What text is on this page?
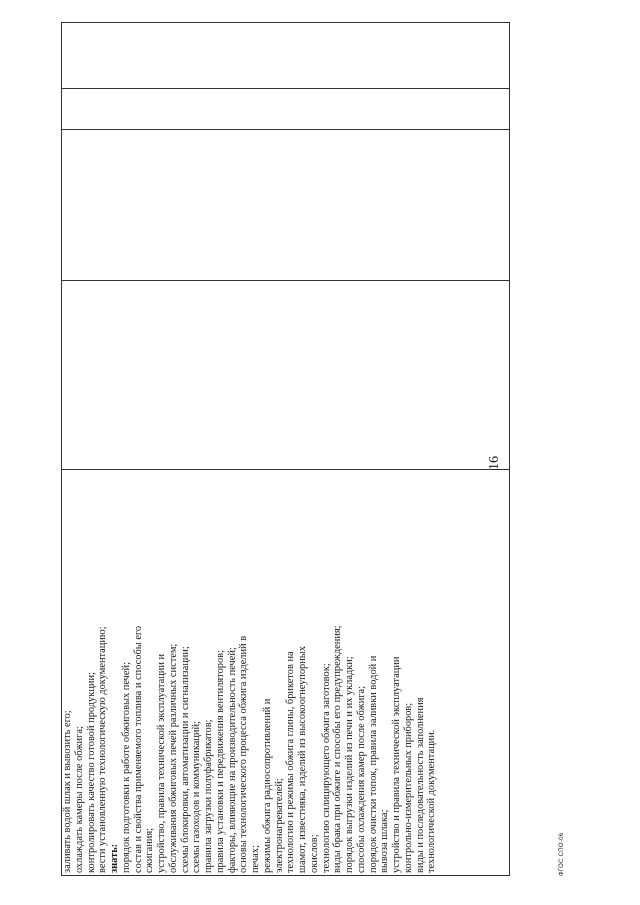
16
заливать водой шлак и вывозить его; охлаждать камеры после обжига; контролировать качество готовой продукции; вести установленную технологическую документацию; знать: порядок подготовки к работе обжиговых печей; состав и свойства применяемого топлива и способы его сжигания; устройство, правила технической эксплуатации и обслуживания обжиговых печей различных систем; схемы блокировки, автоматизации и сигнализации; схемы газоходов и коммуникаций; правила загрузки полуфабрикатов; правила установки и передвижения вентиляторов; факторы, влияющие на производительность печей; основы технологического процесса обжига изделий в печах; режимы обжига радиосопротивлений и электронагревателей; технологию и режимы обжига глины, брикетов на шамот, известняка, изделий из высокоогнеупорных окислов; технологию силицирующего обжига заготовок; виды брака при обжиге и способы его предупреждения; порядок выгрузки изделий из печи и их укладки; способы охлаждения камер после обжига; порядок очистки топок, правила заливки водой и вывоза шлака; устройство и правила технической эксплуатации контрольно-измерительных приборов; виды и последовательность заполнения технологической документации.	ФГОС СПО-06
